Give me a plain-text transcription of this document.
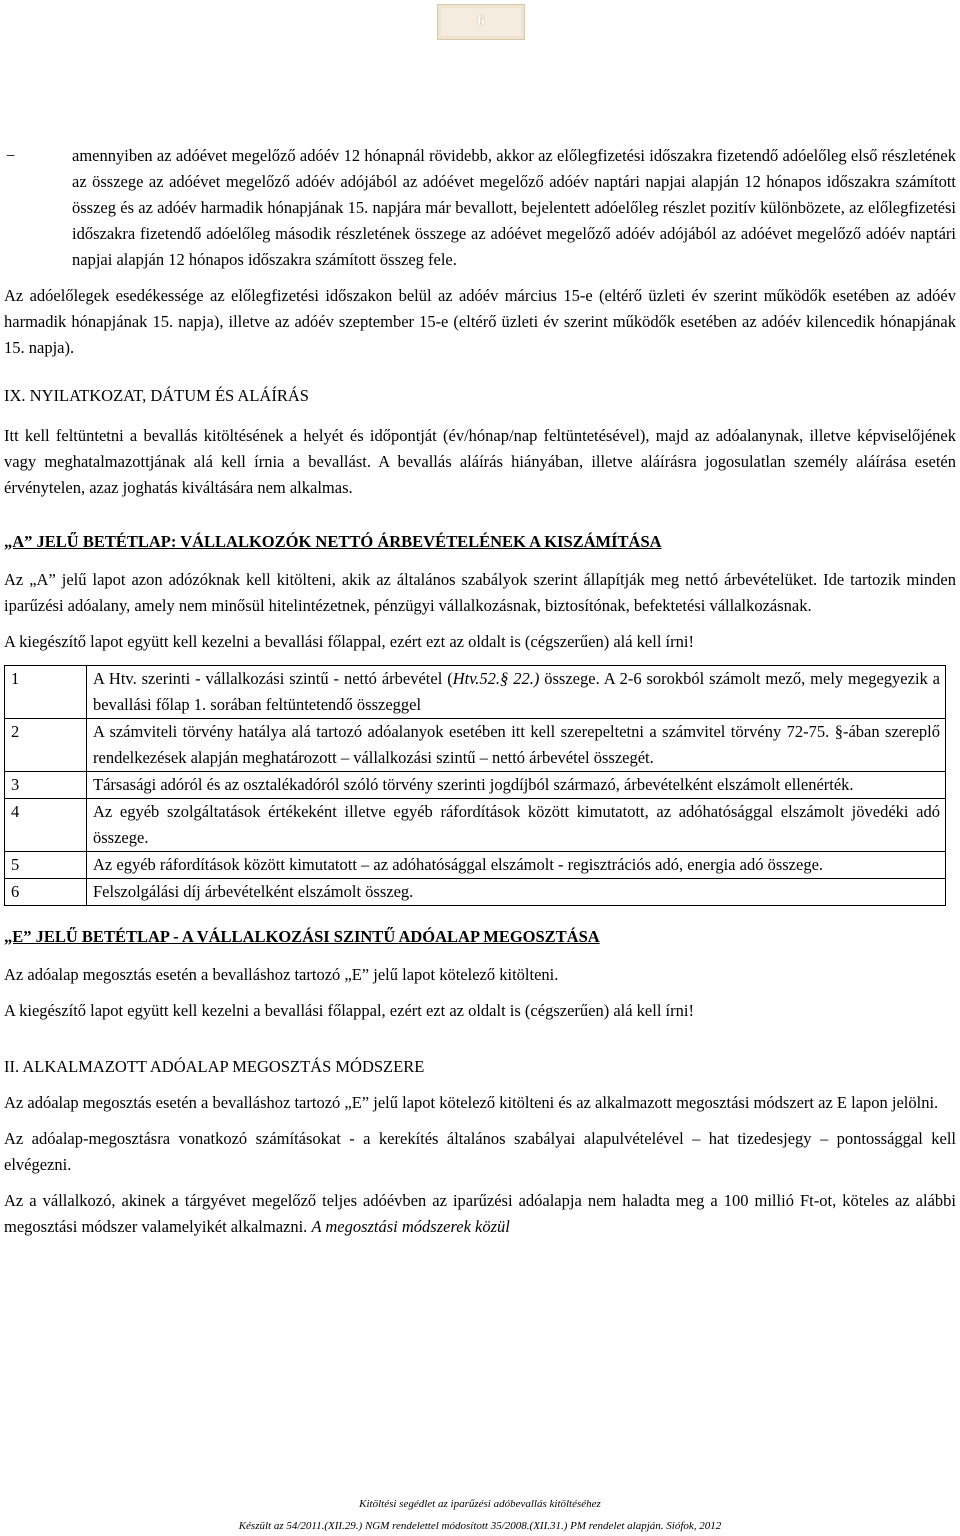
6
−	amennyiben az adóévet megelőző adóév 12 hónapnál rövidebb, akkor az előlegfizetési időszakra fizetendő adóelőleg első részletének az összege az adóévet megelőző adóév adójából az adóévet megelőző adóév naptári napjai alapján 12 hónapos időszakra számított összeg és az adóév harmadik hónapjának 15. napjára már bevallott, bejelentett adóelőleg részlet pozitív különbözete, az előlegfizetési időszakra fizetendő adóelőleg második részletének összege az adóévet megelőző adóév adójából az adóévet megelőző adóév naptári napjai alapján 12 hónapos időszakra számított összeg fele.

Az adóelőlegek esedékessége az előlegfizetési időszakon belül az adóév március 15-e (eltérő üzleti év szerint működők esetében az adóév harmadik hónapjának 15. napja), illetve az adóév szeptember 15-e (eltérő üzleti év szerint működők esetében az adóév kilencedik hónapjának 15. napja).

IX. NYILATKOZAT, DÁTUM ÉS ALÁÍRÁS

Itt kell feltüntetni a bevallás kitöltésének a helyét és időpontját (év/hónap/nap feltüntetésével), majd az adóalanynak, illetve képviselőjének vagy meghatalmazottjának alá kell írnia a bevallást. A bevallás aláírás hiányában, illetve aláírásra jogosulatlan személy aláírása esetén érvénytelen, azaz joghatás kiváltására nem alkalmas.

„A” JELŰ BETÉTLAP: VÁLLALKOZÓK NETTÓ ÁRBEVÉTELÉNEK A KISZÁMÍTÁSA

Az „A” jelű lapot azon adózóknak kell kitölteni, akik az általános szabályok szerint állapítják meg nettó árbevételüket. Ide tartozik minden iparűzési adóalany, amely nem minősül hitelintézetnek, pénzügyi vállalkozásnak, biztosítónak, befektetési vállalkozásnak.

A kiegészítő lapot együtt kell kezelni a bevallási főlappal, ezért ezt az oldalt is (cégszerűen) alá kell írni!

1	A Htv. szerinti - vállalkozási szintű - nettó árbevétel (Htv.52.§ 22.) összege. A 2-6 sorokból számolt mező, mely megegyezik a bevallási főlap 1. sorában feltüntetendő összeggel
2	A számviteli törvény hatálya alá tartozó adóalanyok esetében itt kell szerepeltetni a számvitel törvény 72-75. §-ában szereplő rendelkezések alapján meghatározott – vállalkozási szintű – nettó árbevétel összegét.
3	Társasági adóról és az osztalékadóról szóló törvény szerinti jogdíjból származó, árbevételként elszámolt ellenérték.
4	Az egyéb szolgáltatások értékeként illetve egyéb ráfordítások között kimutatott, az adóhatósággal elszámolt jövedéki adó összege.
5	Az egyéb ráfordítások között kimutatott – az adóhatósággal elszámolt - regisztrációs adó, energia adó összege.
6	Felszolgálási díj árbevételként elszámolt összeg.

„E” JELŰ BETÉTLAP - A VÁLLALKOZÁSI SZINTŰ ADÓALAP MEGOSZTÁSA

Az adóalap megosztás esetén a bevalláshoz tartozó „E” jelű lapot kötelező kitölteni.

A kiegészítő lapot együtt kell kezelni a bevallási főlappal, ezért ezt az oldalt is (cégszerűen) alá kell írni!

II. ALKALMAZOTT ADÓALAP MEGOSZTÁS MÓDSZERE

Az adóalap megosztás esetén a bevalláshoz tartozó „E” jelű lapot kötelező kitölteni és az alkalmazott megosztási módszert az E lapon jelölni.

Az adóalap-megosztásra vonatkozó számításokat - a kerekítés általános szabályai alapulvételével – hat tizedesjegy – pontossággal kell elvégezni.

Az a vállalkozó, akinek a tárgyévet megelőző teljes adóévben az iparűzési adóalapja nem haladta meg a 100 millió Ft-ot, köteles az alábbi megosztási módszer valamelyikét alkalmazni. A megosztási módszerek közül

Kitöltési segédlet az iparűzési adóbevallás kitöltéséhez
Készült az 54/2011.(XII.29.) NGM rendelettel módosított 35/2008.(XII.31.) PM rendelet alapján. Siófok, 2012
